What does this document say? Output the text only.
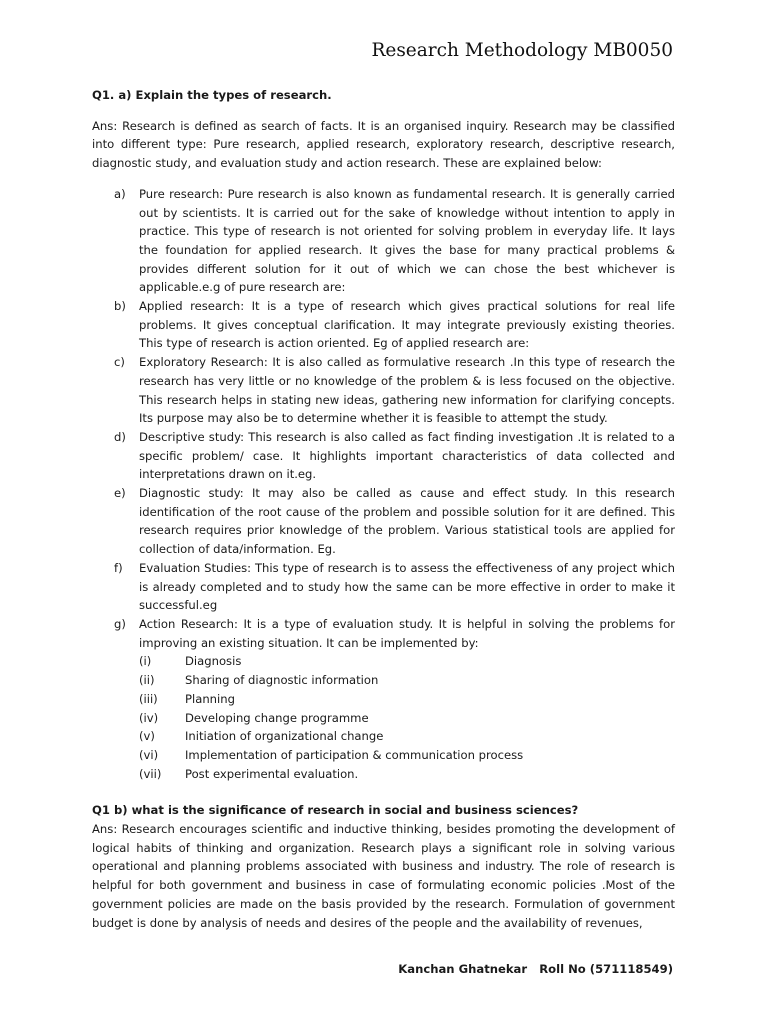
Research Methodology MB0050

Q1. a) Explain the types of research.

Ans: Research is defined as search of facts. It is an organised inquiry. Research may be classified into different type: Pure research, applied research, exploratory research, descriptive research, diagnostic study, and evaluation study and action research. These are explained below:

a) Pure research: Pure research is also known as fundamental research. It is generally carried out by scientists. It is carried out for the sake of knowledge without intention to apply in practice. This type of research is not oriented for solving problem in everyday life. It lays the foundation for applied research. It gives the base for many practical problems & provides different solution for it out of which we can chose the best whichever is applicable.e.g of pure research are:
b) Applied research: It is a type of research which gives practical solutions for real life problems. It gives conceptual clarification. It may integrate previously existing theories. This type of research is action oriented. Eg of applied research are:
c) Exploratory Research: It is also called as formulative research .In this type of research the research has very little or no knowledge of the problem & is less focused on the objective. This research helps in stating new ideas, gathering new information for clarifying concepts. Its purpose may also be to determine whether it is feasible to attempt the study.
d) Descriptive study: This research is also called as fact finding investigation .It is related to a specific problem/ case. It highlights important characteristics of data collected and interpretations drawn on it.eg.
e) Diagnostic study: It may also be called as cause and effect study. In this research identification of the root cause of the problem and possible solution for it are defined. This research requires prior knowledge of the problem. Various statistical tools are applied for collection of data/information. Eg.
f) Evaluation Studies: This type of research is to assess the effectiveness of any project which is already completed and to study how the same can be more effective in order to make it successful.eg
g) Action Research: It is a type of evaluation study. It is helpful in solving the problems for improving an existing situation. It can be implemented by:
(i)	Diagnosis
(ii)	Sharing of diagnostic information
(iii) Planning
(iv) Developing change programme
(v)	Initiation of organizational change
(vi) Implementation of participation & communication process
(vii) Post experimental evaluation.

Q1 b) what is the significance of research in social and business sciences?

Ans: Research encourages scientific and inductive thinking, besides promoting the development of logical habits of thinking and organization. Research plays a significant role in solving various operational and planning problems associated with business and industry. The role of research is helpful for both government and business in case of formulating economic policies .Most of the government policies are made on the basis provided by the research. Formulation of government budget is done by analysis of needs and desires of the people and the availability of revenues,

Kanchan Ghatnekar   Roll No (571118549)
